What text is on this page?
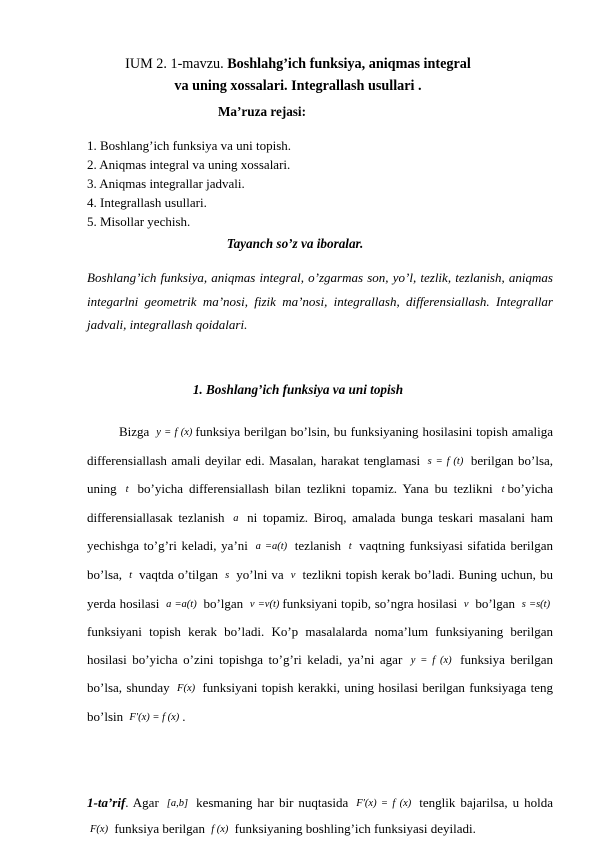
IUM 2. 1-mavzu. Boshlahg’ich funksiya, aniqmas integral
va uning xossalari. Integrallash usullari .
Ma’ruza rejasi:
1. Boshlang’ich funksiya va uni topish.
2. Aniqmas integral va uning xossalari.
3. Aniqmas integrallar jadvali.
4. Integrallash usullari.
5. Misollar yechish.
Tayanch so’z va iboralar.
Boshlang’ich funksiya, aniqmas integral, o’zgarmas son, yo’l, tezlik, tezlanish, aniqmas integarlni geometrik ma’nosi, fizik ma’nosi, integrallash, differensiallash. Integrallar jadvali, integrallash qoidalari.
1. Boshlang’ich funksiya va uni topish
Bizga y = f (x) funksiya berilgan bo’lsin, bu funksiyaning hosilasini topish amaliga differensiallash amali deyilar edi. Masalan, harakat tenglamasi s = f (t) berilgan bo’lsa, uning t bo’yicha differensiallash bilan tezlikni topamiz. Yana bu tezlikni t bo’yicha differensiallasak tezlanish a ni topamiz. Biroq, amalada bunga teskari masalani ham yechishga to’g’ri keladi, ya’ni a =a(t) tezlanish t vaqtning funksiyasi sifatida berilgan bo’lsa, t vaqtda o’tilgan s yo’lni va v tezlikni topish kerak bo’ladi. Buning uchun, bu yerda hosilasi a =a(t) bo’lgan v =v(t) funksiyani topib, so’ngra hosilasi v bo’lgan s =s(t) funksiyani topish kerak bo’ladi. Ko’p masalalarda noma’lum funksiyaning berilgan hosilasi bo’yicha o’zini topishga to’g’ri keladi, ya’ni agar y = f (x) funksiya berilgan bo’lsa, shunday F(x) funksiyani topish kerakki, uning hosilasi berilgan funksiyaga teng bo’lsin F′(x) = f (x) .
1-ta’rif. Agar [a,b] kesmaning har bir nuqtasida F′(x) = f (x) tenglik bajarilsa, u holda F(x) funksiya berilgan f (x) funksiyaning boshling’ich funksiyasi deyiladi.
